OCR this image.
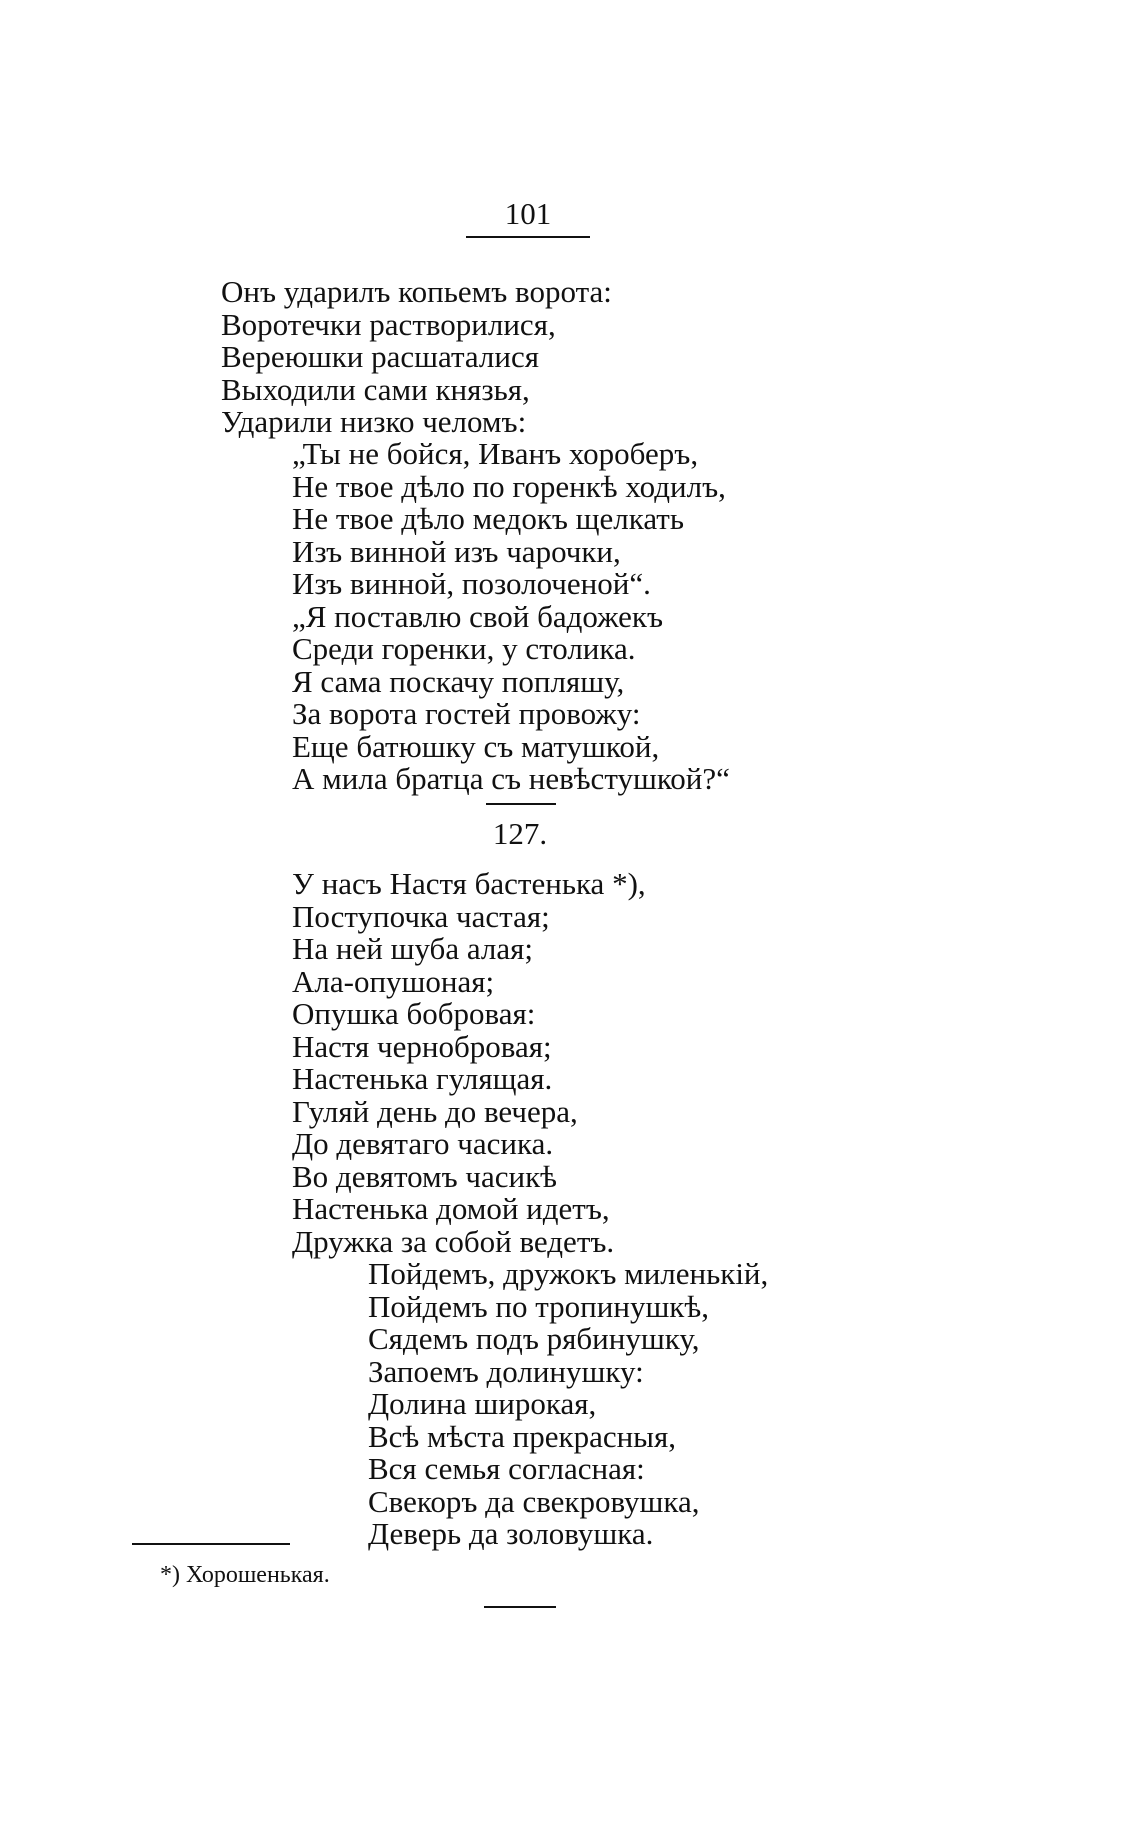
101
Онъ ударилъ копьемъ ворота:
Воротечки растворилися,
Вереюшки расшаталися
Выходили сами князья,
Ударили низко челомъ:
„Ты не бойся, Иванъ хороберъ,
Не твое дѣло по горенкѣ ходилъ,
Не твое дѣло медокъ щелкать
Изъ винной изъ чарочки,
Изъ винной, позолоченой“.
„Я поставлю свой бадожекъ
Среди горенки, у столика.
Я сама поскачу попляшу,
За ворота гостей провожу:
Еще батюшку съ матушкой,
А мила братца съ невѣстушкой?“
127.
У насъ Настя бастенька *),
Поступочка частая;
На ней шуба алая;
Ала-опушоная;
Опушка бобровая:
Настя чернобровая;
Настенька гулящая.
Гуляй день до вечера,
До девятаго часика.
Во девятомъ часикѣ
Настенька домой идетъ,
Дружка за собой ведетъ.
Пойдемъ, дружокъ миленькій,
Пойдемъ по тропинушкѣ,
Сядемъ подъ рябинушку,
Запоемъ долинушку:
Долина широкая,
Всѣ мѣста прекрасныя,
Вся семья согласная:
Свекоръ да свекровушка,
Деверь да золовушка.
*) Хорошенькая.
